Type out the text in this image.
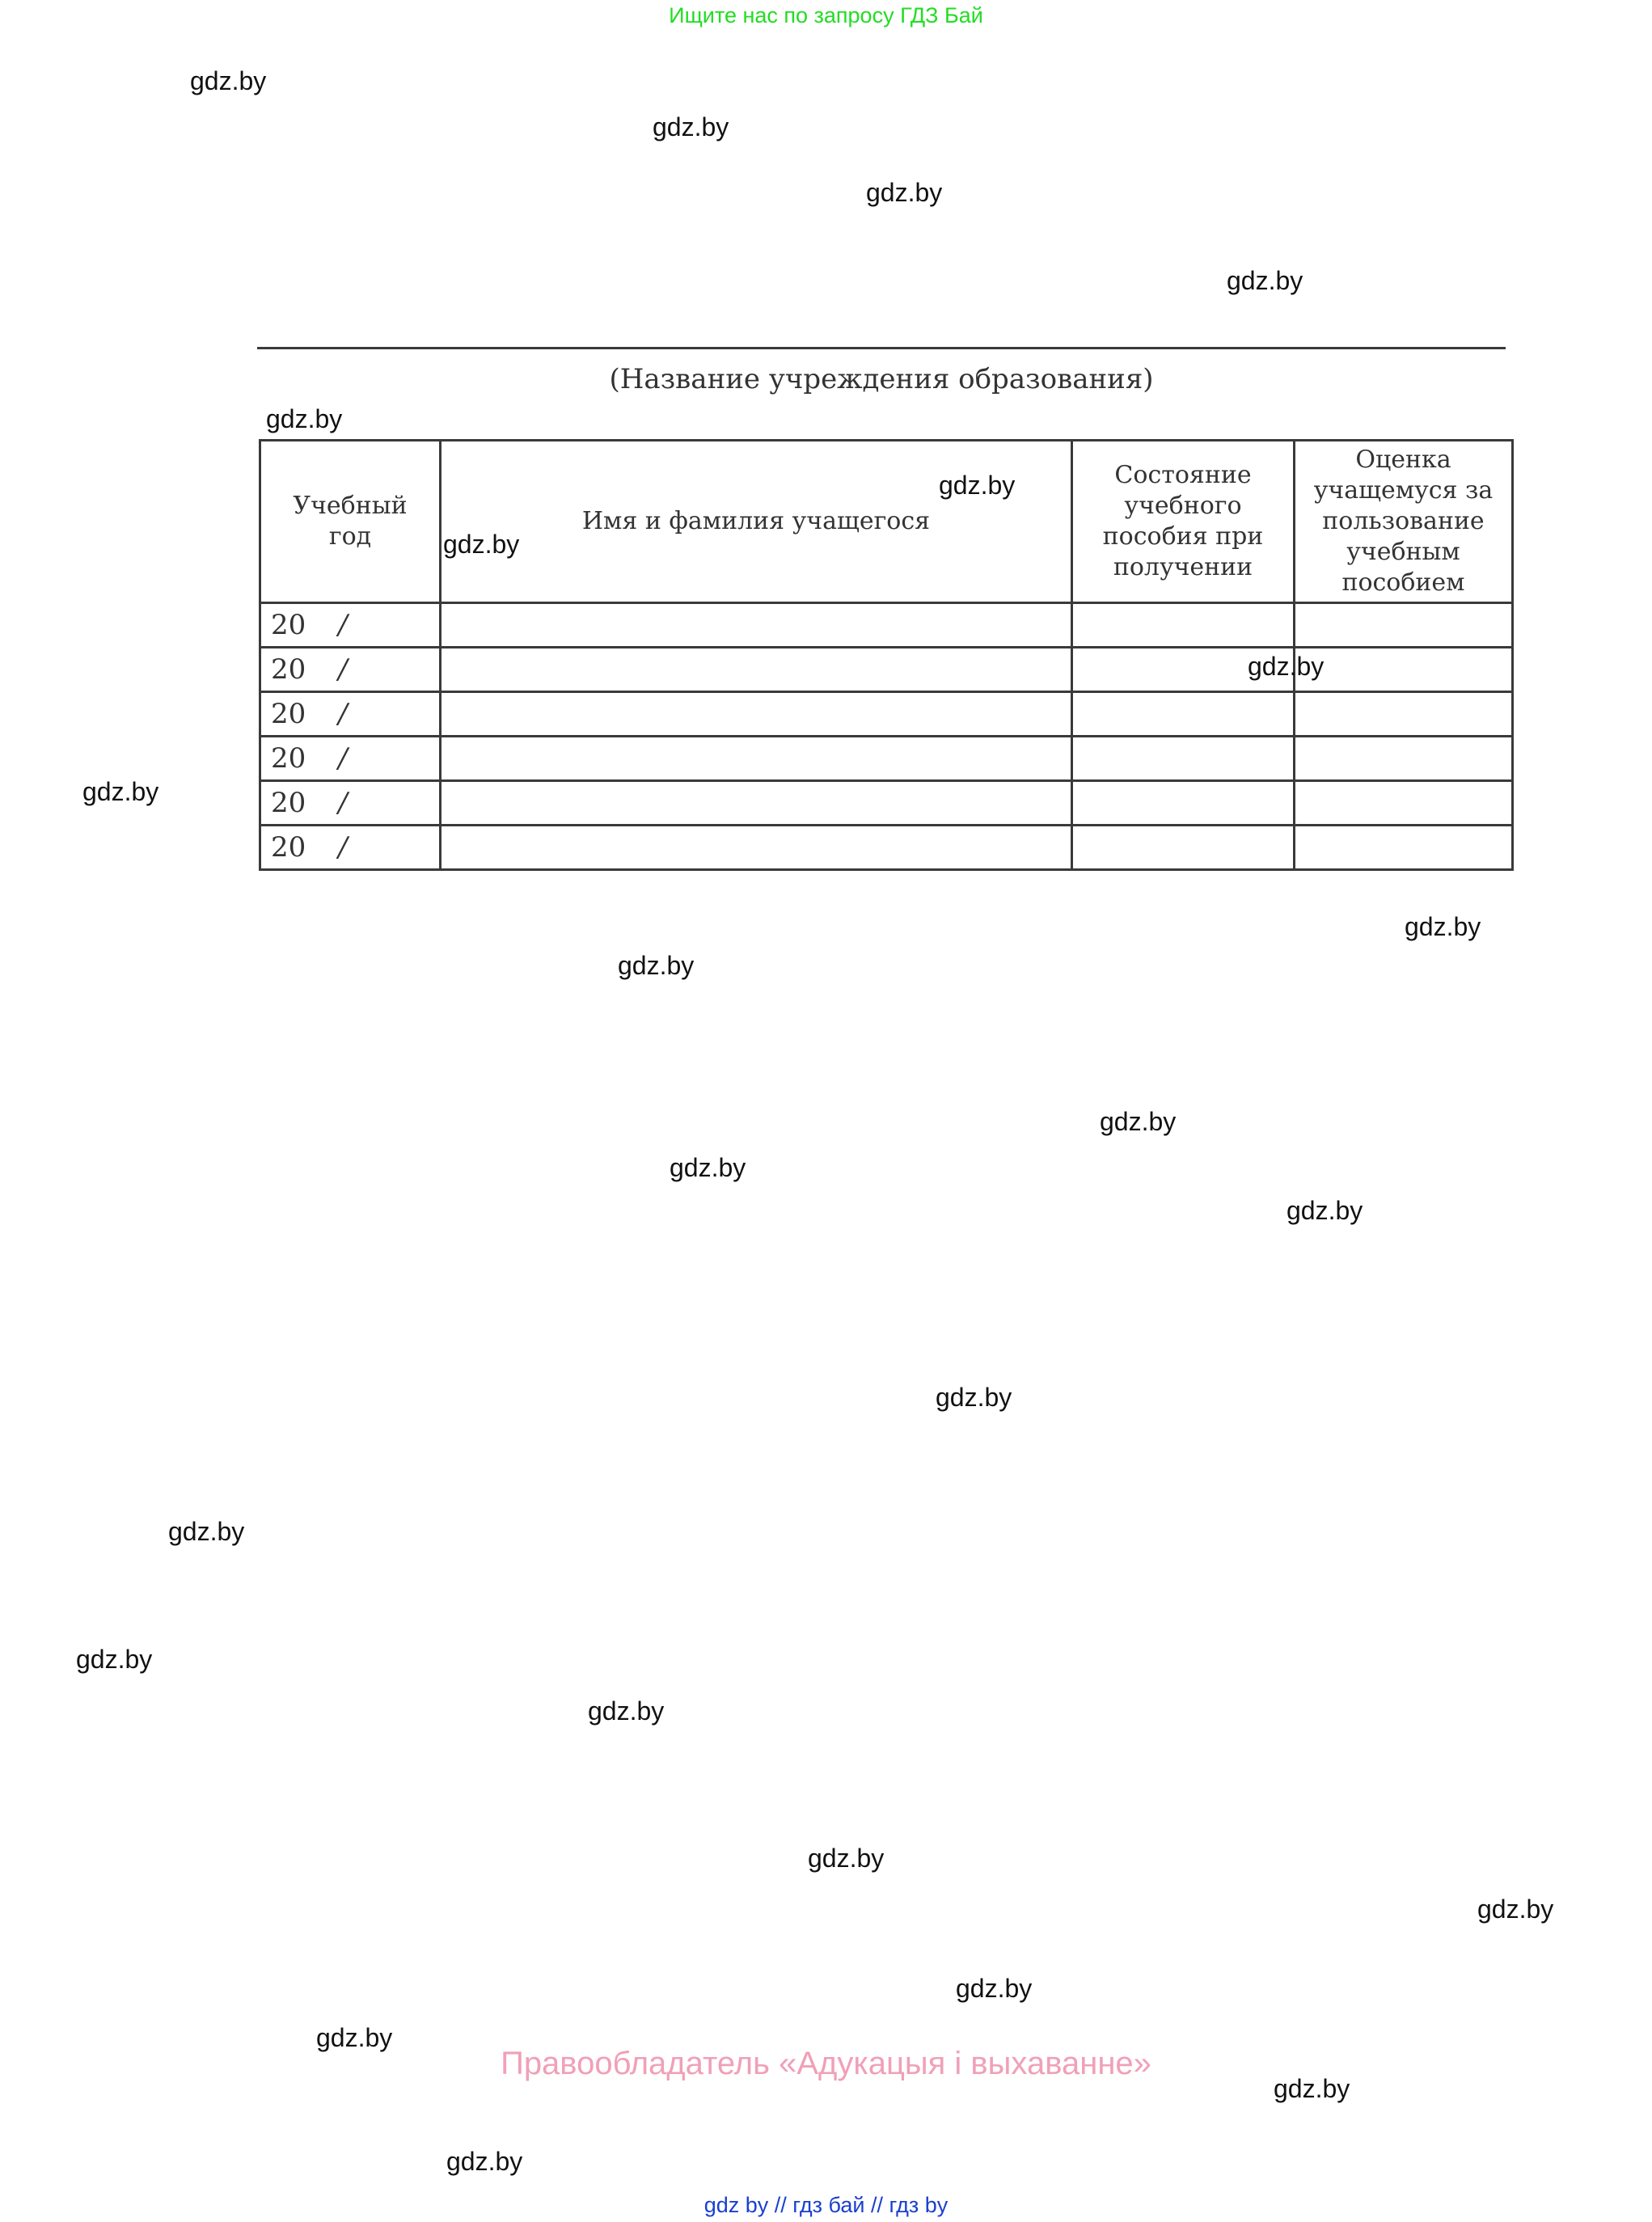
Ищите нас по запросу ГДЗ Бай
gdz.by
gdz.by
gdz.by
gdz.by
gdz.by
gdz.by
gdz.by
gdz.by
gdz.by
gdz.by
gdz.by
gdz.by
gdz.by
gdz.by
gdz.by
gdz.by
gdz.by
gdz.by
gdz.by
gdz.by
gdz.by
gdz.by
gdz.by
gdz.by
(Название учреждения образования)
Учебный год	Имя и фамилия учащегося	Состояние учебного пособия при получении	Оценка учащемуся за пользование учебным пособием
20 /			
20 /			
20 /			
20 /			
20 /			
20 /			
Правообладатель «Адукацыя і выхаванне»
gdz by // гдз бай // гдз by
